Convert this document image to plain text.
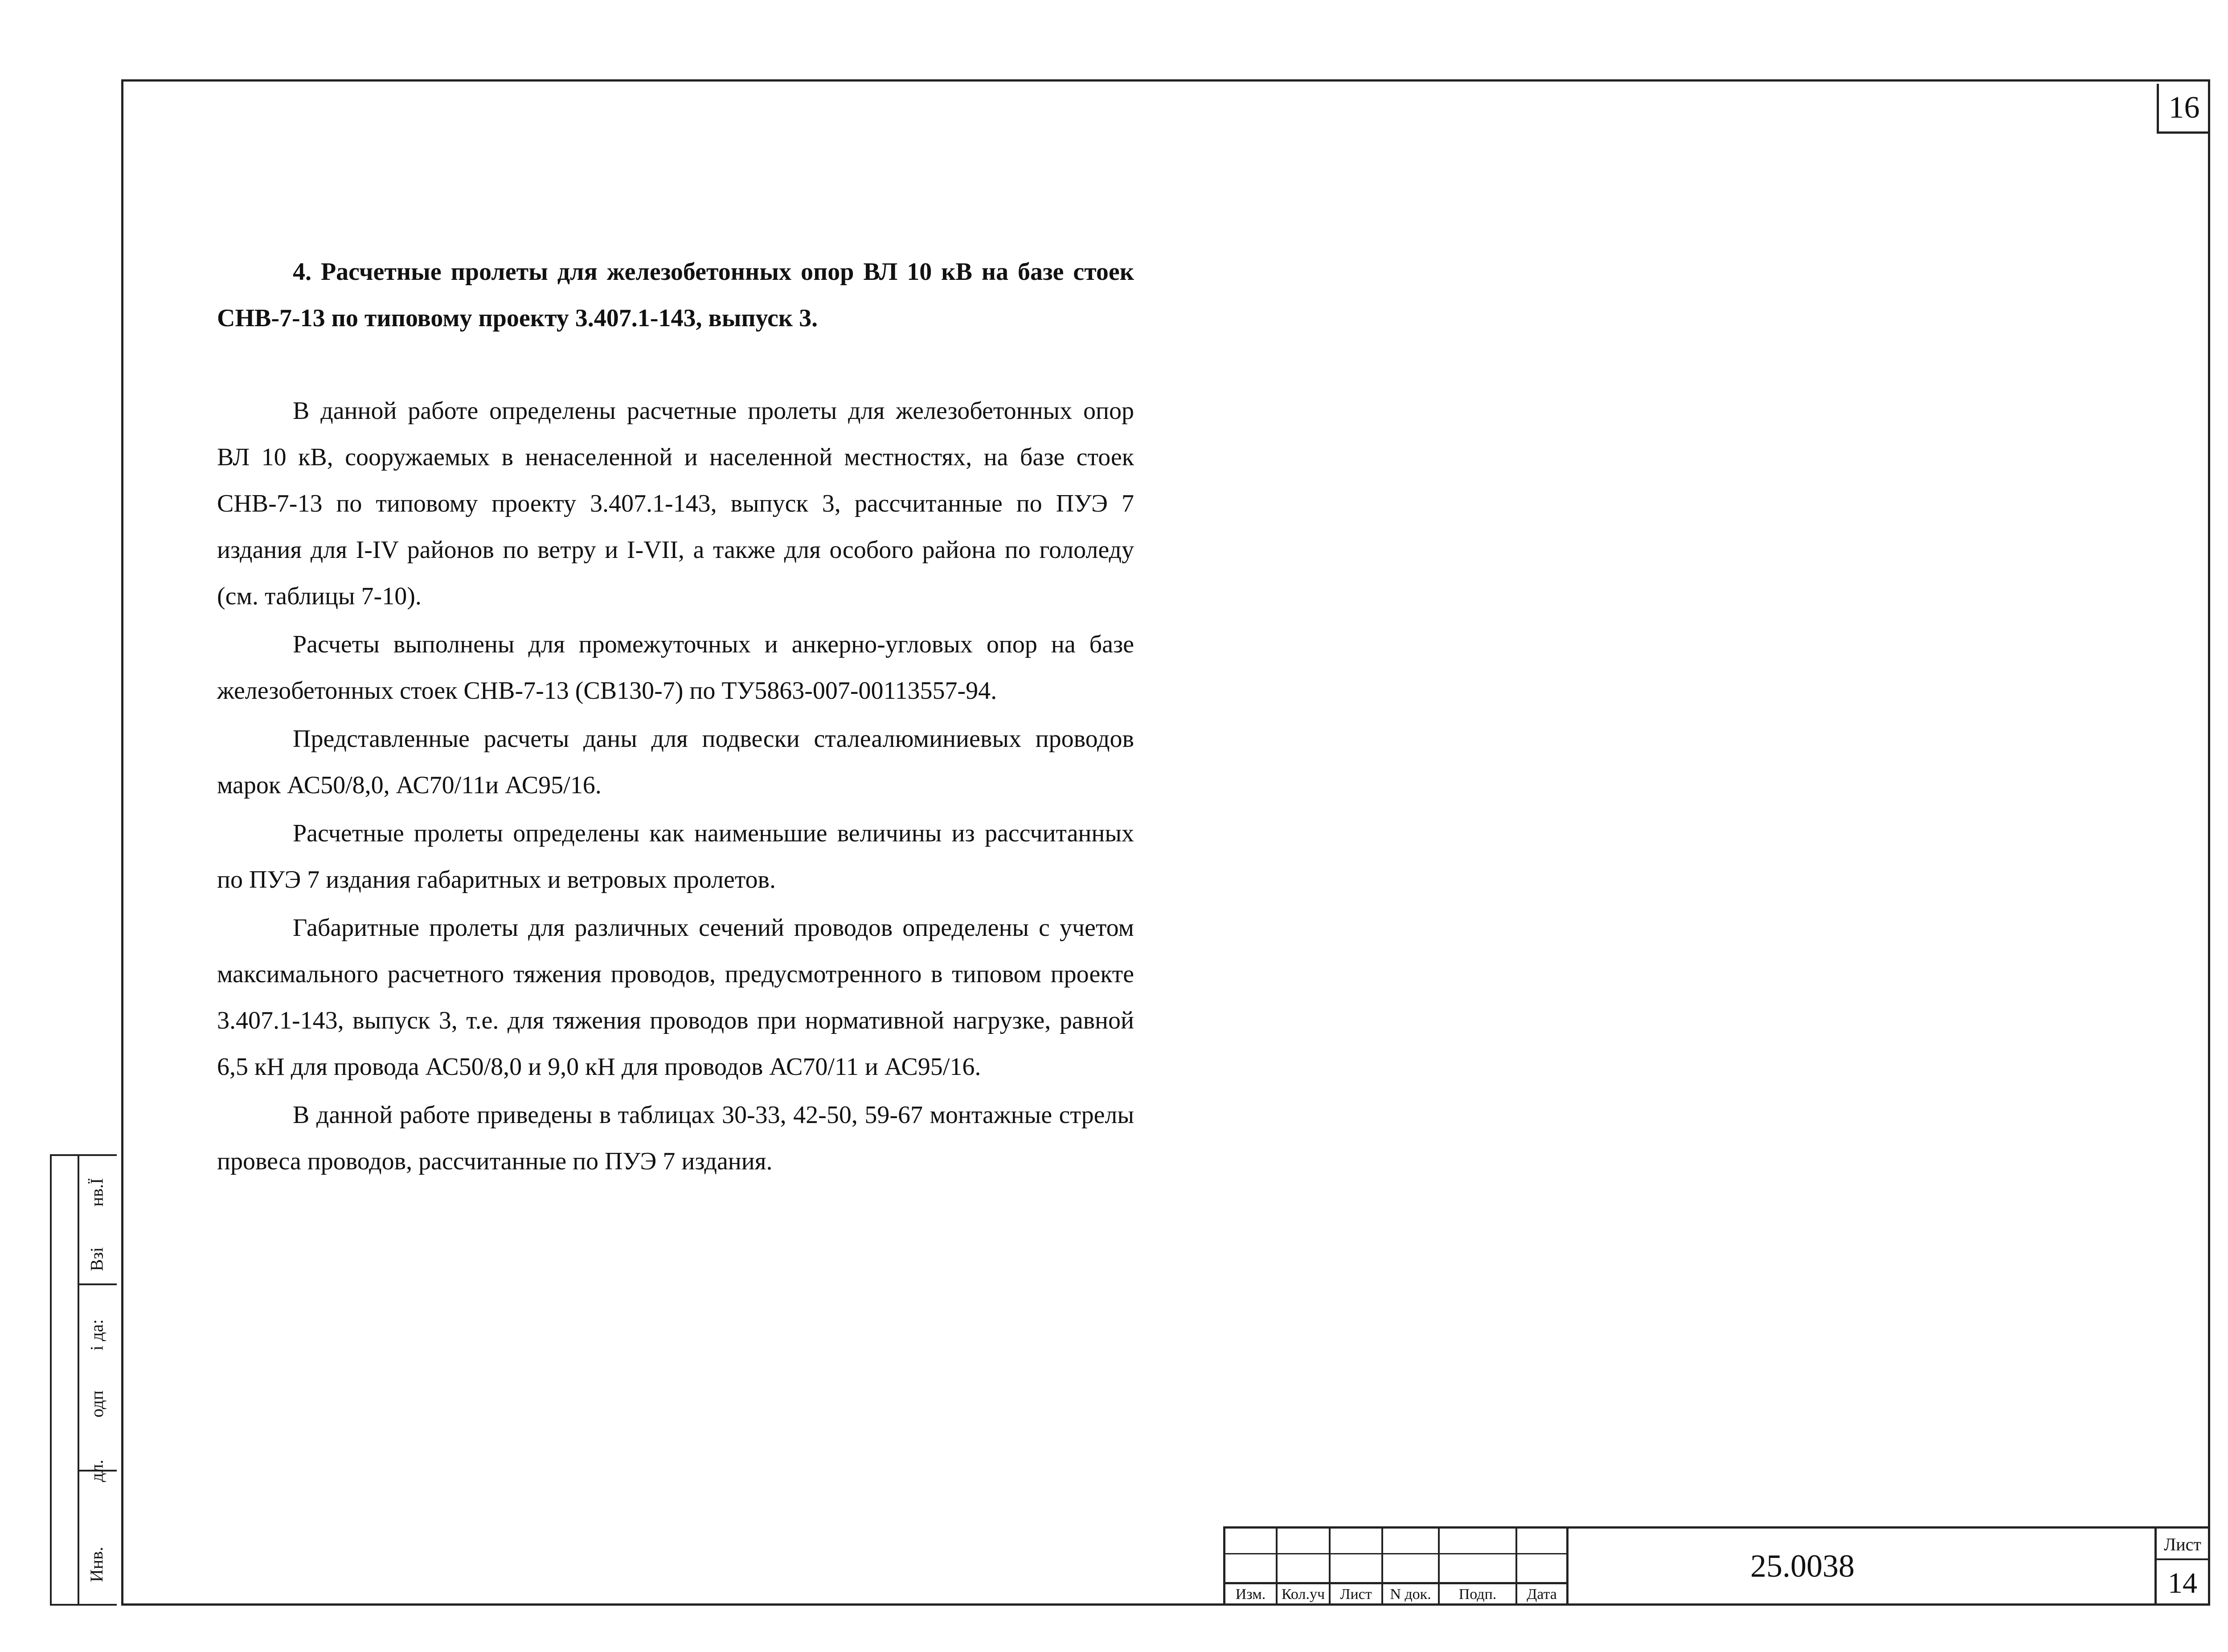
16
4. Расчетные пролеты для железобетонных опор ВЛ 10 кВ на базе стоек СНВ-7-13 по типовому проекту 3.407.1-143, выпуск 3.

В данной работе определены расчетные пролеты для железобетонных опор ВЛ 10 кВ, сооружаемых в ненаселенной и населенной местностях, на базе стоек СНВ-7-13 по типовому проекту 3.407.1-143, выпуск 3, рассчитанные по ПУЭ 7 издания для I-IV районов по ветру и I-VII, а также для особого района по гололеду (см. таблицы 7-10).

Расчеты выполнены для промежуточных и анкерно-угловых опор на базе железобетонных стоек СНВ-7-13 (СВ130-7) по ТУ5863-007-00113557-94.

Представленные расчеты даны для подвески сталеалюминиевых проводов марок АС50/8,0, АС70/11и АС95/16.

Расчетные пролеты определены как наименьшие величины из рассчитанных по ПУЭ 7 издания габаритных и ветровых пролетов.

Габаритные пролеты для различных сечений проводов определены с учетом максимального расчетного тяжения проводов, предусмотренного в типовом проекте 3.407.1-143, выпуск 3, т.е. для тяжения проводов при нормативной нагрузке, равной 6,5 кН для провода АС50/8,0 и 9,0 кН для проводов АС70/11 и АС95/16.

В данной работе приведены в таблицах 30-33, 42-50, 59-67 монтажные стрелы провеса проводов, рассчитанные по ПУЭ 7 издания.

Инв.
дл.
одп
і да:
Взі
нв.Ї
Изм.	Кол.уч	Лист	N док.	Подп.	Дата
25.0038
Лист
14
